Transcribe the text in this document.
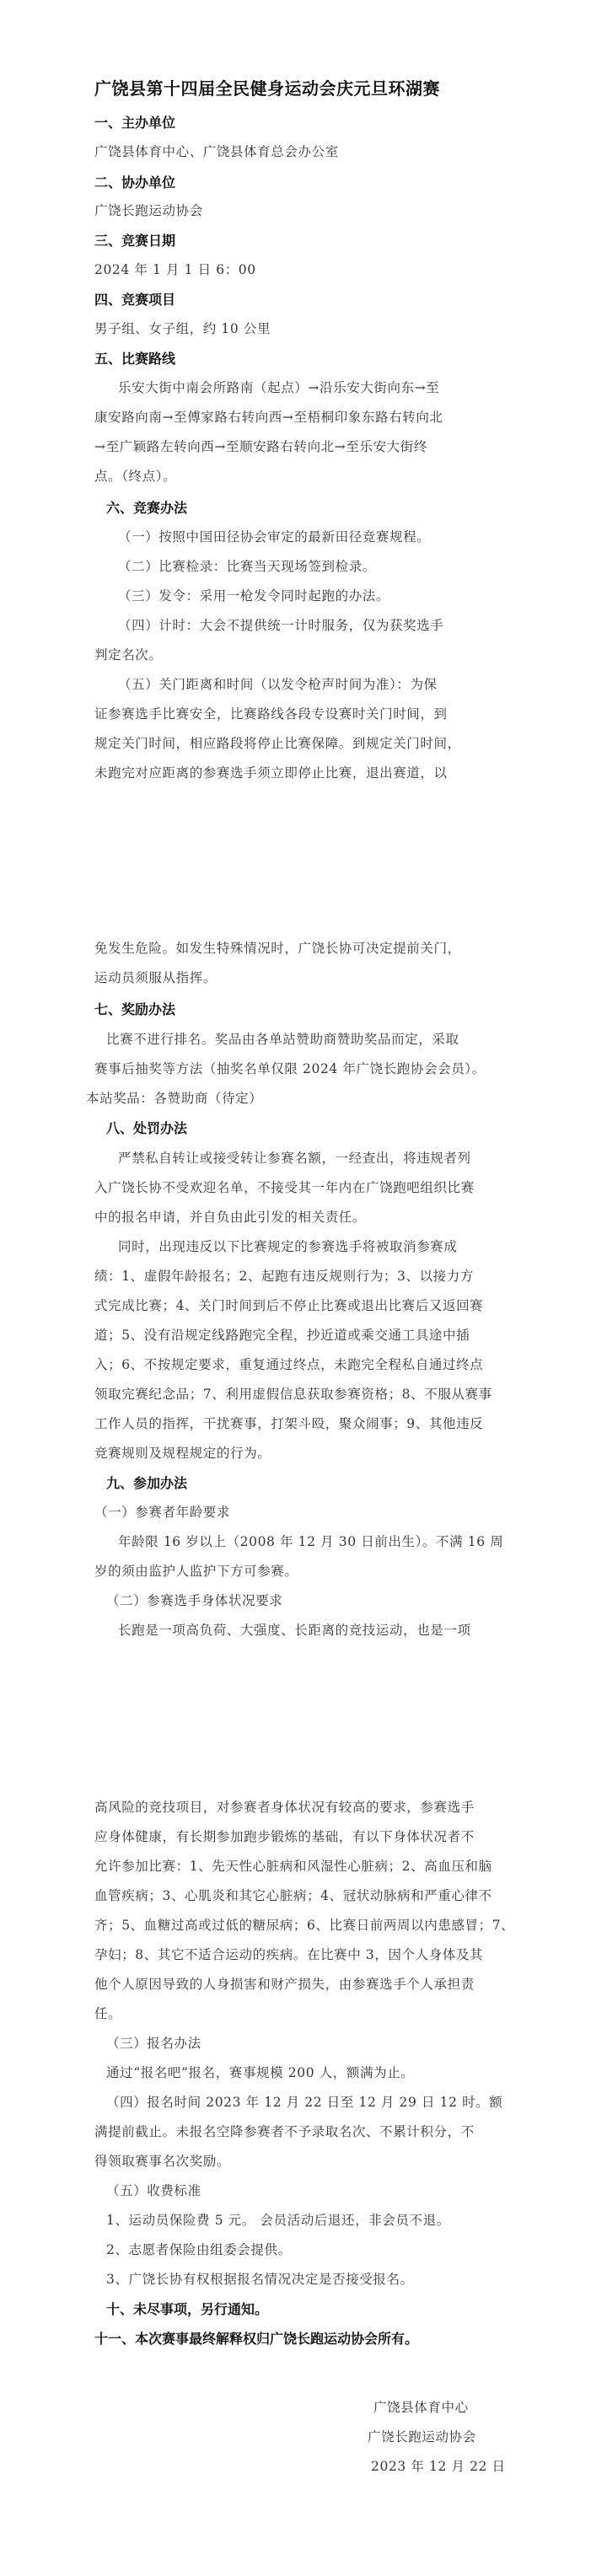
广饶县第十四届全民健身运动会庆元旦环湖赛
一、主办单位
广饶县体育中心、广饶县体育总会办公室
二、协办单位
广饶长跑运动协会
三、竞赛日期
2024 年 1 月 1 日 6：00
四、竞赛项目
男子组、女子组，约 10 公里
五、比赛路线
乐安大街中南会所路南（起点）→沿乐安大街向东→至
康安路向南→至傅家路右转向西→至梧桐印象东路右转向北
→至广颖路左转向西→至顺安路右转向北→至乐安大街终
点。（终点）。
六、竞赛办法
（一）按照中国田径协会审定的最新田径竞赛规程。
（二）比赛检录：比赛当天现场签到检录。
（三）发令：采用一枪发令同时起跑的办法。
（四）计时：大会不提供统一计时服务，仅为获奖选手
判定名次。
（五）关门距离和时间（以发令枪声时间为准）：为保
证参赛选手比赛安全，比赛路线各段专设赛时关门时间，到
规定关门时间，相应路段将停止比赛保障。到规定关门时间，
未跑完对应距离的参赛选手须立即停止比赛，退出赛道，以
免发生危险。如发生特殊情况时，广饶长协可决定提前关门，
运动员须服从指挥。
七、奖励办法
比赛不进行排名。奖品由各单站赞助商赞助奖品而定，采取
赛事后抽奖等方法（抽奖名单仅限 2024 年广饶长跑协会会员）。
本站奖品：各赞助商（待定）
八、处罚办法
严禁私自转让或接受转让参赛名额，一经查出，将违规者列
入广饶长协不受欢迎名单，不接受其一年内在广饶跑吧组织比赛
中的报名申请，并自负由此引发的相关责任。
同时，出现违反以下比赛规定的参赛选手将被取消参赛成
绩：1、虚假年龄报名；2、起跑有违反规则行为；3、以接力方
式完成比赛；4、关门时间到后不停止比赛或退出比赛后又返回赛
道；5、没有沿规定线路跑完全程，抄近道或乘交通工具途中插
入；6、不按规定要求，重复通过终点，未跑完全程私自通过终点
领取完赛纪念品；7、利用虚假信息获取参赛资格；8、不服从赛事
工作人员的指挥，干扰赛事，打架斗殴，聚众闹事；9、其他违反
竞赛规则及规程规定的行为。
九、参加办法
（一）参赛者年龄要求
年龄限 16 岁以上（2008 年 12 月 30 日前出生）。不满 16 周
岁的须由监护人监护下方可参赛。
（二）参赛选手身体状况要求
长跑是一项高负荷、大强度、长距离的竞技运动，也是一项
高风险的竞技项目，对参赛者身体状况有较高的要求，参赛选手
应身体健康，有长期参加跑步锻炼的基础，有以下身体状况者不
允许参加比赛：1、先天性心脏病和风湿性心脏病；2、高血压和脑
血管疾病；3、心肌炎和其它心脏病；4、冠状动脉病和严重心律不
齐；5、血糖过高或过低的糖尿病；6、比赛日前两周以内患感冒；7、
孕妇；8、其它不适合运动的疾病。在比赛中 3，因个人身体及其
他个人原因导致的人身损害和财产损失，由参赛选手个人承担责
任。
（三）报名办法
通过“报名吧”报名，赛事规模 200 人，额满为止。
（四）报名时间 2023 年 12 月 22 日至 12 月 29 日 12 时。额
满提前截止。未报名空降参赛者不予录取名次、不累计积分，不
得领取赛事名次奖励。
（五）收费标准
1、运动员保险费 5 元。 会员活动后退还，非会员不退。
2、志愿者保险由组委会提供。
3、广饶长协有权根据报名情况决定是否接受报名。
十、未尽事项，另行通知。
十一、本次赛事最终解释权归广饶长跑运动协会所有。
广饶县体育中心
广饶长跑运动协会
2023 年 12 月 22 日
